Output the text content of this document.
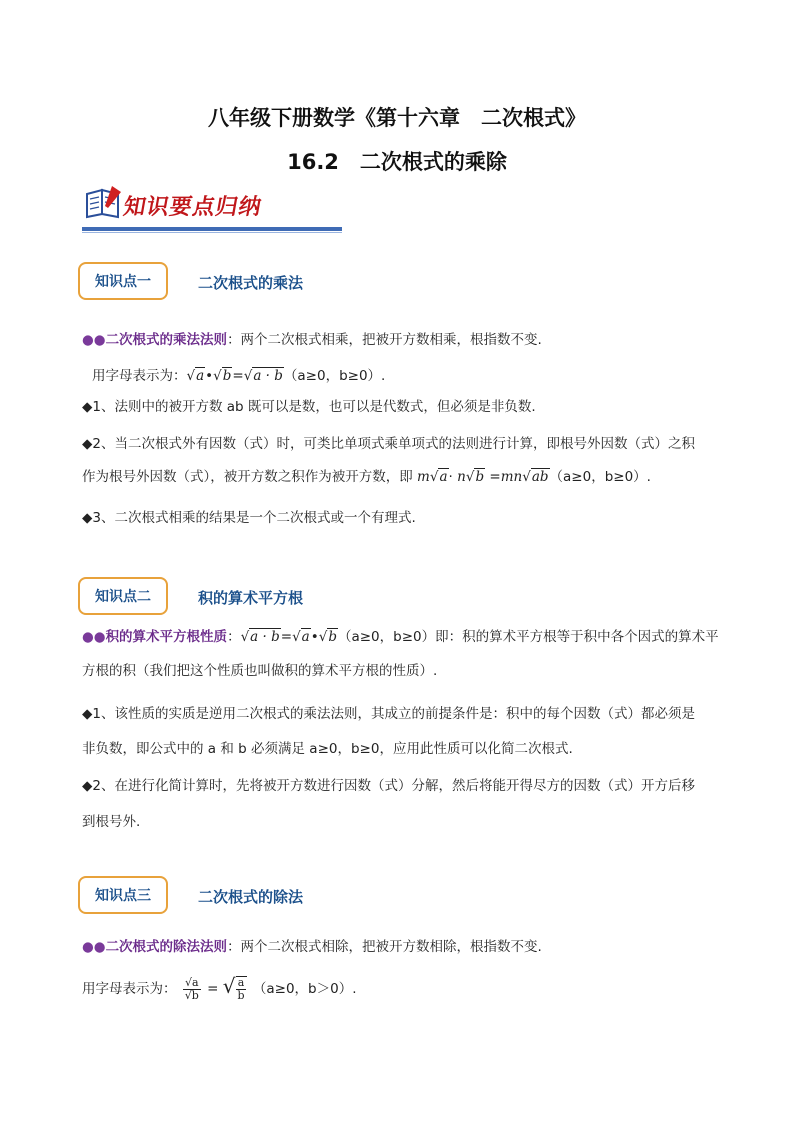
八年级下册数学《第十六章　二次根式》
16.2　二次根式的乘除
知识要点归纳
知识点一	二次根式的乘法
●●二次根式的乘法法则：两个二次根式相乘，把被开方数相乘，根指数不变.
用字母表示为：√a•√b=√a · b（a≥0，b≥0）.
◆1、法则中的被开方数 ab 既可以是数，也可以是代数式，但必须是非负数.
◆2、当二次根式外有因数（式）时，可类比单项式乘单项式的法则进行计算，即根号外因数（式）之积
作为根号外因数（式），被开方数之积作为被开方数，即 m√a· n√b =mn√ab（a≥0，b≥0）.
◆3、二次根式相乘的结果是一个二次根式或一个有理式.
知识点二	积的算术平方根
●●积的算术平方根性质：√a · b=√a•√b（a≥0，b≥0）即：积的算术平方根等于积中各个因式的算术平
方根的积（我们把这个性质也叫做积的算术平方根的性质）.
◆1、该性质的实质是逆用二次根式的乘法法则，其成立的前提条件是：积中的每个因数（式）都必须是
非负数，即公式中的 a 和 b 必须满足 a≥0，b≥0，应用此性质可以化简二次根式.
◆2、在进行化简计算时，先将被开方数进行因数（式）分解，然后将能开得尽方的因数（式）开方后移
到根号外.
知识点三	二次根式的除法
●●二次根式的除法法则：两个二次根式相除，把被开方数相除，根指数不变.
用字母表示为： $\frac{√a}{√b}$ = √ $\frac{a}{b} (a\ge 0$，b＞0）.
